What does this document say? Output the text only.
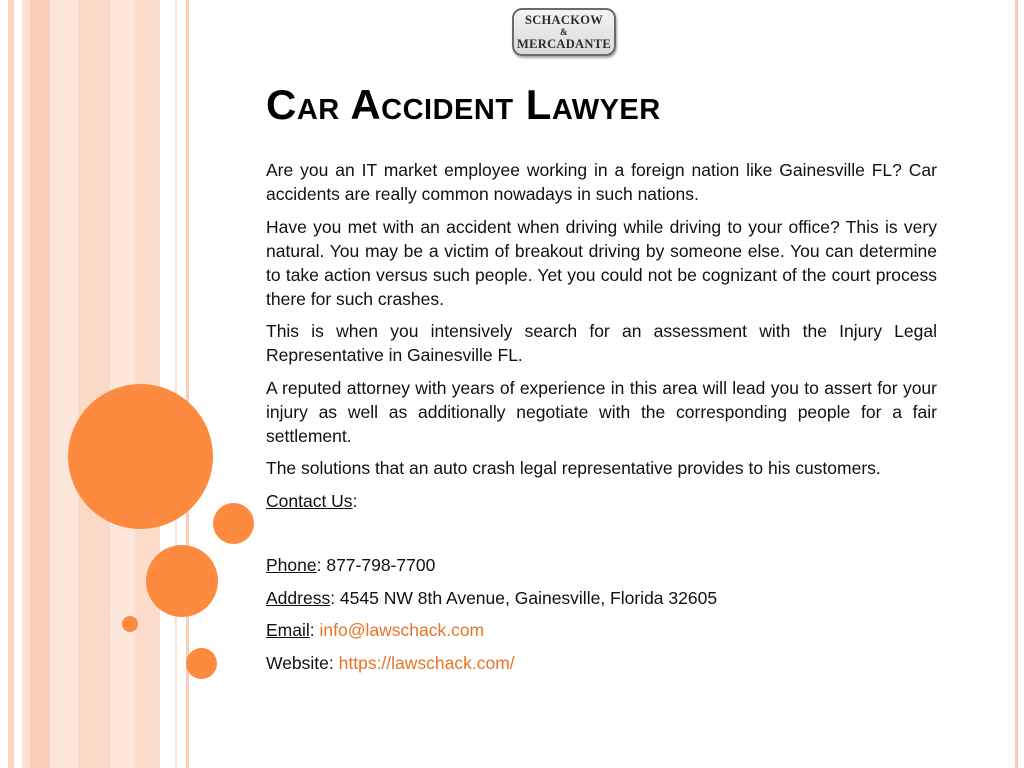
SCHACKOW
&
MERCADANTE
Car Accident Lawyer

Are you an IT market employee working in a foreign nation like Gainesville FL? Car accidents are really common nowadays in such nations.

Have you met with an accident when driving while driving to your office? This is very natural. You may be a victim of breakout driving by someone else. You can determine to take action versus such people. Yet you could not be cognizant of the court process there for such crashes.

This is when you intensively search for an assessment with the Injury Legal Representative in Gainesville FL.

A reputed attorney with years of experience in this area will lead you to assert for your injury as well as additionally negotiate with the corresponding people for a fair settlement.

The solutions that an auto crash legal representative provides to his customers.

Contact Us:

Phone: 877-798-7700

Address: 4545 NW 8th Avenue, Gainesville, Florida 32605

Email: info@lawschack.com

Website: https://lawschack.com/
